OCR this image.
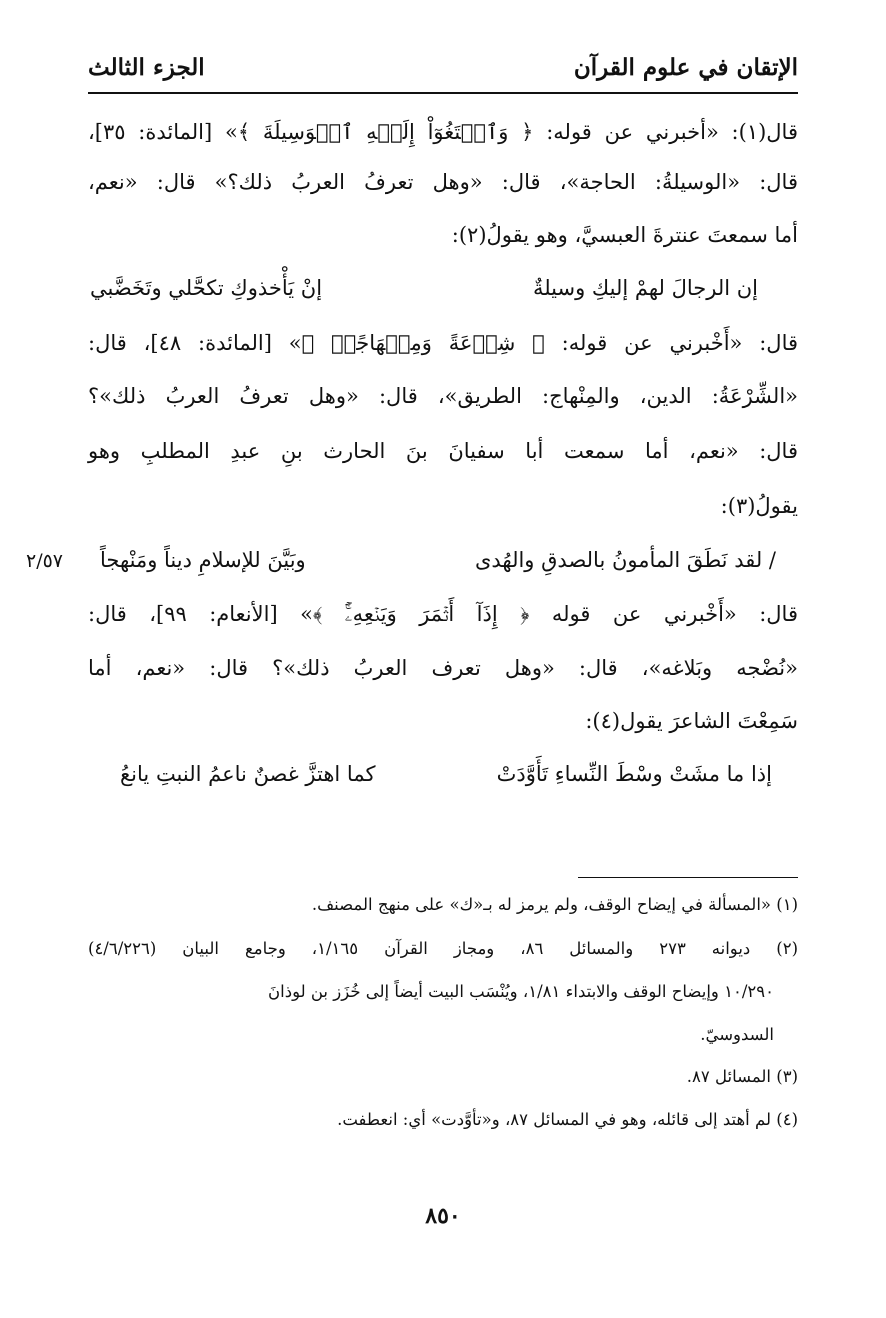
الإتقان في علوم القرآن
الجزء الثالث
قال(١): «أخبرني عن قوله: ﴿ وَٱبۡتَغُوٓاْ إِلَيۡهِ ٱلۡوَسِيلَةَ ﴾» [المائدة: ٣٥]،
قال: «الوسيلةُ: الحاجة»، قال: «وهل تعرفُ العربُ ذلك؟» قال: «نعم،
أما سمعتَ عنترةَ العبسيَّ، وهو يقولُ(٢):
إن الرجالَ لهمْ إليكِ وسيلةٌ
إنْ يَأْخذوكِ تكحَّلي وتَخَضَّبي
قال: «أَخْبرني عن قوله: ﴿ شِرۡعَةً وَمِنۡهَاجًاۚ ﴾» [المائدة: ٤٨]، قال:
«الشِّرْعَةُ: الدين، والمِنْهاج: الطريق»، قال: «وهل تعرفُ العربُ ذلك»؟
قال: «نعم، أما سمعت أبا سفيانَ بنَ الحارث بنِ عبدِ المطلبِ وهو
يقولُ(٣):
/ لقد نَطَقَ المأمونُ بالصدقِ والهُدى
وبَيَّنَ للإسلامِ ديناً ومَنْهجاً
٢/٥٧
قال: «أَخْبرني عن قوله ﴿ إِذَآ أَثۡمَرَ وَيَنۡعِهِۦٓۚ ﴾» [الأنعام: ٩٩]، قال:
«نُضْجه وبَلاغه»، قال: «وهل تعرف العربُ ذلك»؟ قال: «نعم، أما
سَمِعْتَ الشاعرَ يقول(٤):
إذا ما مشَتْ وسْطَ النِّساءِ تَأَوَّدَتْ
كما اهتزَّ غصنٌ ناعمُ النبتِ يانعُ
(١) «المسألة في إيضاح الوقف، ولم يرمز له بـ«ك» على منهج المصنف.
(٢) ديوانه ٢٧٣ والمسائل ٨٦، ومجاز القرآن ١/١٦٥، وجامع البيان (٤/٦/٢٢٦)
١٠/٢٩٠ وإيضاح الوقف والابتداء ١/٨١، ويُنْسَب البيت أيضاً إلى خُزَز بن لوذانَ
السدوسيّ.
(٣) المسائل ٨٧.
(٤) لم أهتد إلى قائله، وهو في المسائل ٨٧، و«تأوَّدت» أي: انعطفت.
٨٥٠
